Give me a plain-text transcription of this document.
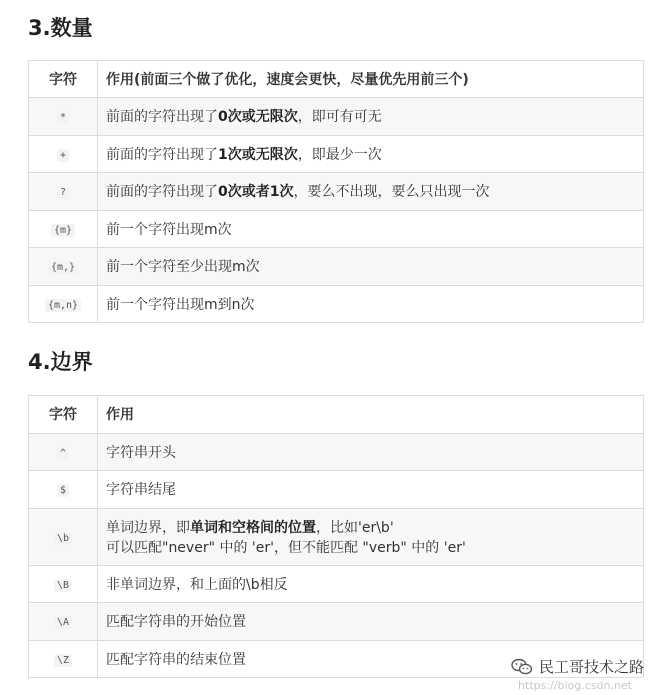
3.数量
字符	作用(前面三个做了优化，速度会更快，尽量优先用前三个)
*	前面的字符出现了0次或无限次，即可有可无
+	前面的字符出现了1次或无限次，即最少一次
?	前面的字符出现了0次或者1次，要么不出现，要么只出现一次
{m}	前一个字符出现m次
{m,}	前一个字符至少出现m次
{m,n}	前一个字符出现m到n次
4.边界
字符	作用
^	字符串开头
$	字符串结尾
\b	单词边界，即单词和空格间的位置，比如'er\b'
可以匹配"never" 中的 'er'，但不能匹配 "verb" 中的 'er'
\B	非单词边界，和上面的\b相反
\A	匹配字符串的开始位置
\Z	匹配字符串的结束位置	民工哥技术之路
https://blog.csdn.net
